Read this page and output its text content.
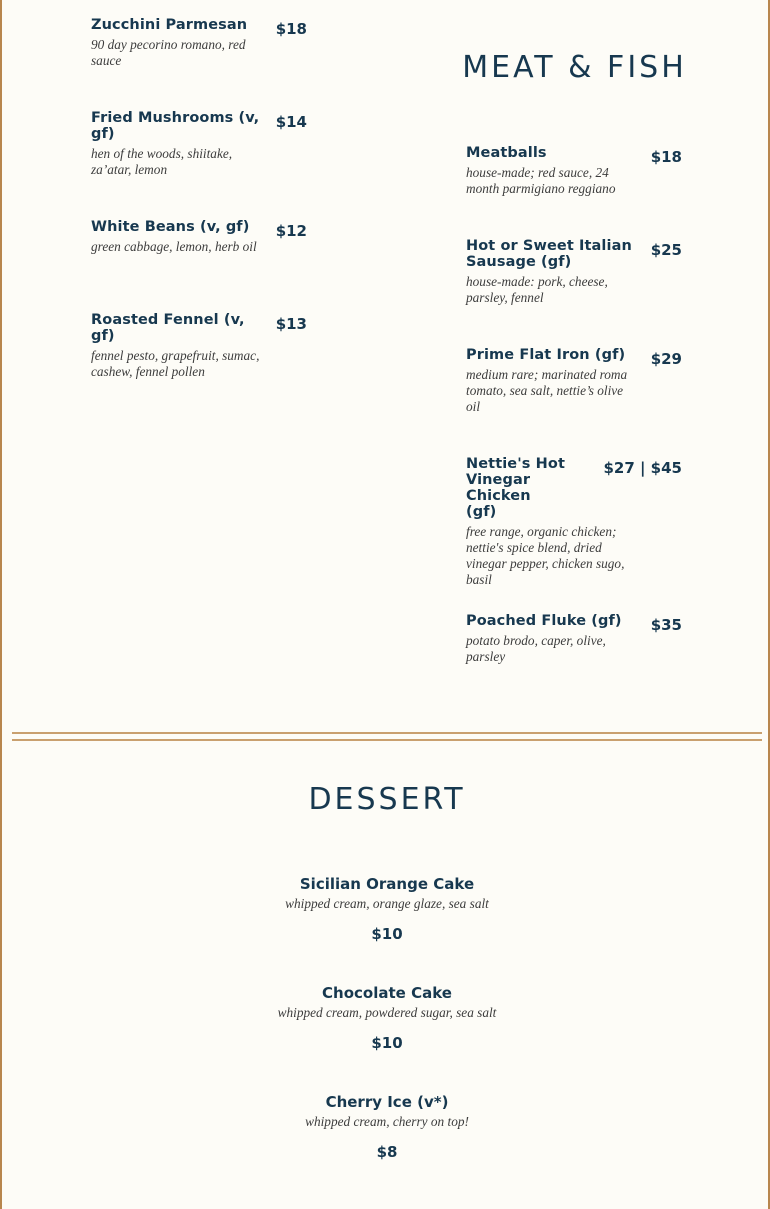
Zucchini Parmesan
90 day pecorino romano, red sauce
$18
Fried Mushrooms (v, gf)
hen of the woods, shiitake, za’atar, lemon
$14
White Beans (v, gf)
green cabbage, lemon, herb oil
$12
Roasted Fennel (v, gf)
fennel pesto, grapefruit, sumac, cashew, fennel pollen
$13
MEAT & FISH
Meatballs
house-made; red sauce, 24 month parmigiano reggiano
$18
Hot or Sweet Italian Sausage (gf)
house-made: pork, cheese, parsley, fennel
$25
Prime Flat Iron (gf)
medium rare; marinated roma tomato, sea salt, nettie’s olive oil
$29
Nettie's Hot Vinegar Chicken (gf)
free range, organic chicken; nettie's spice blend, dried vinegar pepper, chicken sugo, basil
$27 | $45
Poached Fluke (gf)
potato brodo, caper, olive, parsley
$35
DESSERT
Sicilian Orange Cake
whipped cream, orange glaze, sea salt
$10
Chocolate Cake
whipped cream, powdered sugar, sea salt
$10
Cherry Ice (v*)
whipped cream, cherry on top!
$8
